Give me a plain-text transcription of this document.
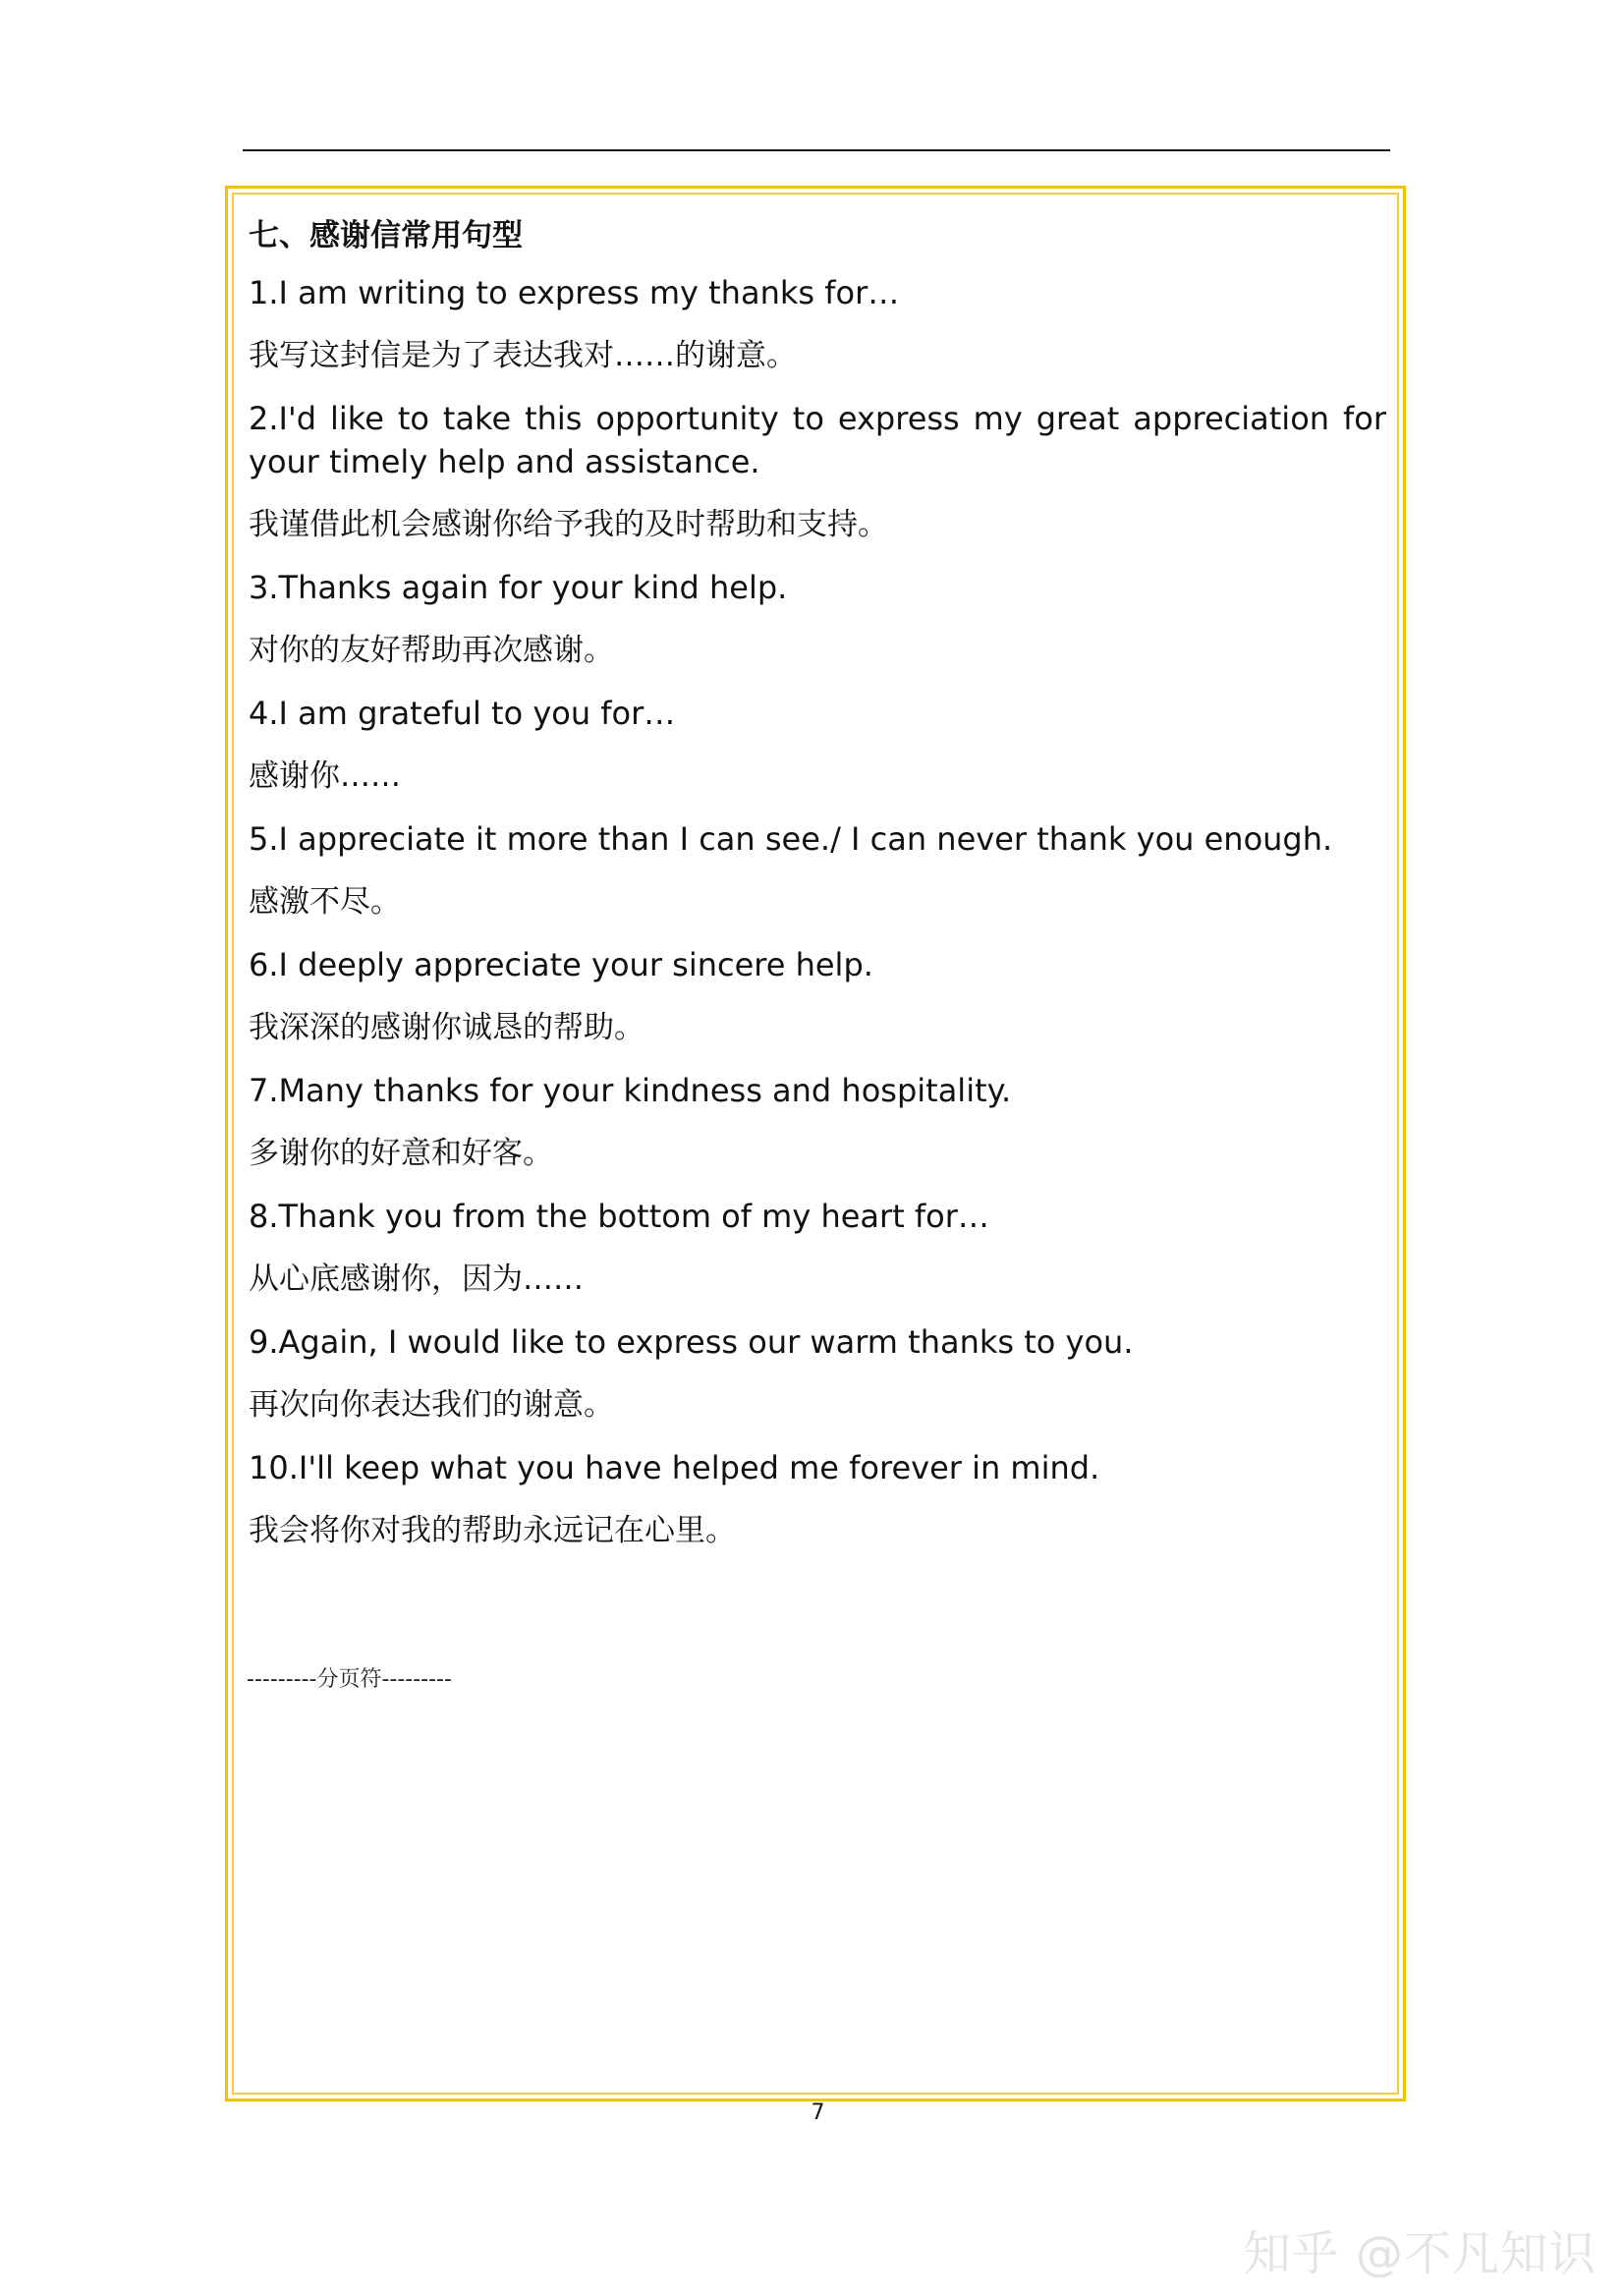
七、感谢信常用句型
1.I am writing to express my thanks for…
我写这封信是为了表达我对……的谢意。
2.I'd like to take this opportunity to express my great appreciation for your timely help and assistance.
我谨借此机会感谢你给予我的及时帮助和支持。
3.Thanks again for your kind help.
对你的友好帮助再次感谢。
4.I am grateful to you for…
感谢你……
5.I appreciate it more than I can see./ I can never thank you enough.
感激不尽。
6.I deeply appreciate your sincere help.
我深深的感谢你诚恳的帮助。
7.Many thanks for your kindness and hospitality.
多谢你的好意和好客。
8.Thank you from the bottom of my heart for…
从心底感谢你，因为……
9.Again, I would like to express our warm thanks to you.
再次向你表达我们的谢意。
10.I'll keep what you have helped me forever in mind.
我会将你对我的帮助永远记在心里。
---------分页符---------
7
知乎 @不凡知识
